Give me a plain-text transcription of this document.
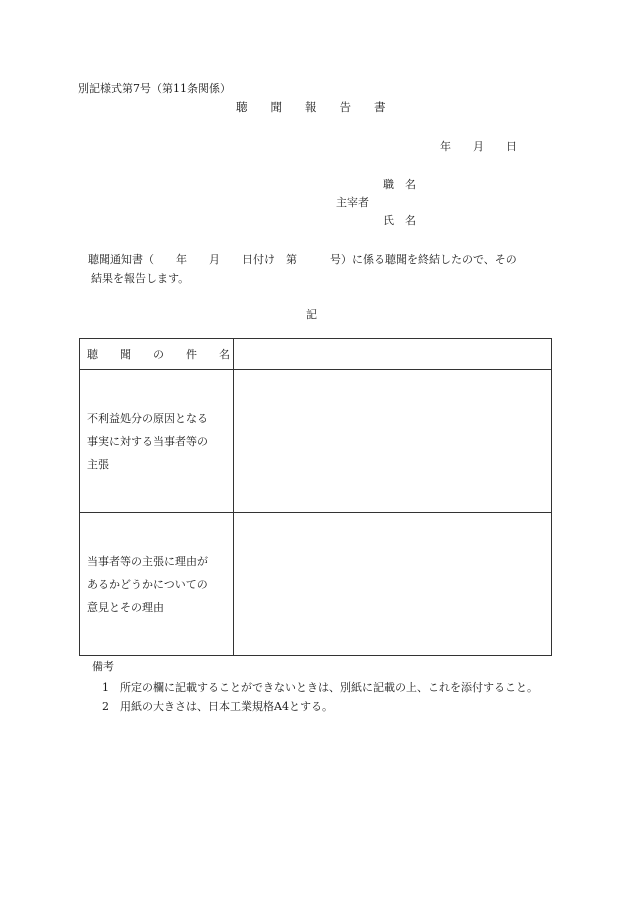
別記様式第7号（第11条関係）
聴　　聞　　報　　告　　書
年　　月　　日
職　名
主宰者
氏　名
聴聞通知書（　　年　　月　　日付け　第　　　号）に係る聴聞を終結したので、その
結果を報告します。
記
聴　　聞　　の　　件　　名	

不利益処分の原因となる
事実に対する当事者等の
主張	

当事者等の主張に理由が
あるかどうかについての
意見とその理由	

備考
1 所定の欄に記載することができないときは、別紙に記載の上、これを添付すること。
2 用紙の大きさは、日本工業規格A4とする。
